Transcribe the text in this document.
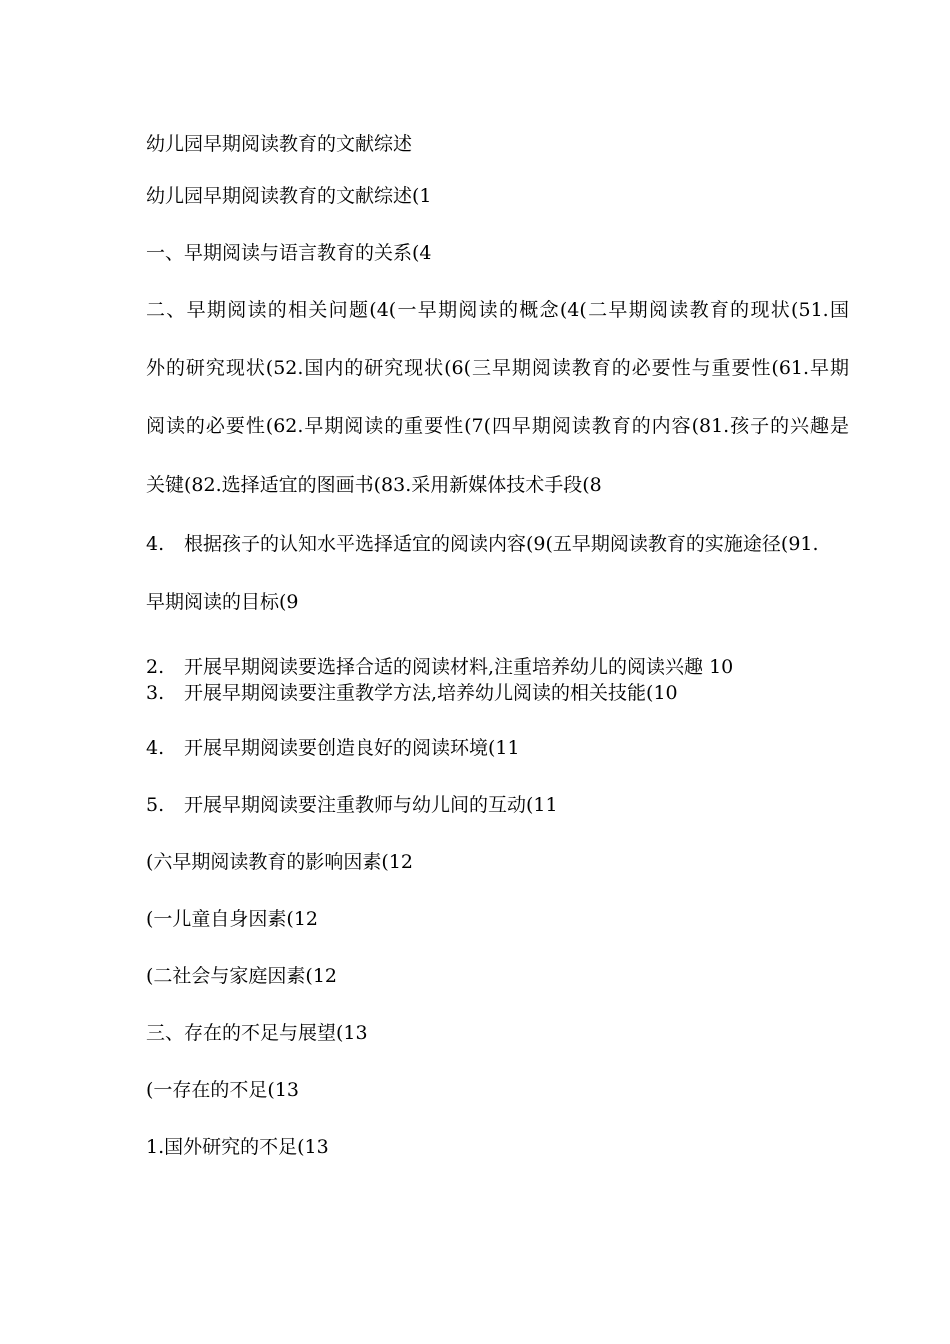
幼儿园早期阅读教育的文献综述
幼儿园早期阅读教育的文献综述(1
一、早期阅读与语言教育的关系(4
二、早期阅读的相关问题(4(一早期阅读的概念(4(二早期阅读教育的现状(51.国
外的研究现状(52.国内的研究现状(6(三早期阅读教育的必要性与重要性(61.早期
阅读的必要性(62.早期阅读的重要性(7(四早期阅读教育的内容(81.孩子的兴趣是
关键(82.选择适宜的图画书(83.采用新媒体技术手段(8
4. 根据孩子的认知水平选择适宜的阅读内容(9(五早期阅读教育的实施途径(91.
早期阅读的目标(9
2. 开展早期阅读要选择合适的阅读材料,注重培养幼儿的阅读兴趣 10
3. 开展早期阅读要注重教学方法,培养幼儿阅读的相关技能(10
4. 开展早期阅读要创造良好的阅读环境(11
5. 开展早期阅读要注重教师与幼儿间的互动(11
(六早期阅读教育的影响因素(12
(一儿童自身因素(12
(二社会与家庭因素(12
三、存在的不足与展望(13
(一存在的不足(13
1.国外研究的不足(13
